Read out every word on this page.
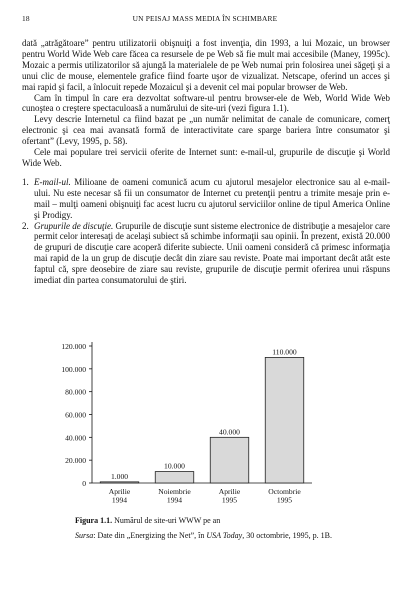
18	UN PEISAJ MASS MEDIA ÎN SCHIMBARE

dată „atrăgătoare” pentru utilizatorii obişnuiţi a fost invenţia, din 1993, a lui Mozaic, un browser pentru World Wide Web care făcea ca resursele de pe Web să fie mult mai accesibile (Maney, 1995c). Mozaic a permis utilizatorilor să ajungă la materialele de pe Web numai prin folosirea unei săgeţi şi a unui clic de mouse, elementele grafice fiind foarte uşor de vizualizat. Netscape, oferind un acces şi mai rapid şi facil, a înlocuit repede Mozaicul şi a devenit cel mai popular browser de Web.

Cam în timpul în care era dezvoltat software-ul pentru browser-ele de Web, World Wide Web cunoştea o creştere spectaculoasă a numărului de site-uri (vezi figura 1.1).

Levy descrie Internetul ca fiind bazat pe „un număr nelimitat de canale de comunicare, comerţ electronic şi cea mai avansată formă de interactivitate care sparge bariera între consumator şi ofertant” (Levy, 1995, p. 58).

Cele mai populare trei servicii oferite de Internet sunt: e-mail-ul, grupurile de discuţie şi World Wide Web.

1. E-mail-ul. Milioane de oameni comunică acum cu ajutorul mesajelor electronice sau al e-mail-ului. Nu este necesar să fii un consumator de Internet cu pretenţii pentru a trimite mesaje prin e-mail – mulţi oameni obişnuiţi fac acest lucru cu ajutorul serviciilor online de tipul America Online şi Prodigy.
2. Grupurile de discuţie. Grupurile de discuţie sunt sisteme electronice de distribuţie a mesajelor care permit celor interesaţi de acelaşi subiect să schimbe informaţii sau opinii. În prezent, există 20.000 de grupuri de discuţie care acoperă diferite subiecte. Unii oameni consideră că primesc informaţia mai rapid de la un grup de discuţie decât din ziare sau reviste. Poate mai important decât atât este faptul că, spre deosebire de ziare sau reviste, grupurile de discuţie permit oferirea unui răspuns imediat din partea consumatorului de ştiri.
0
20.000
40.000
60.000
80.000
100.000
120.000
1.000
Aprilie
1994
10.000
Noiembrie
1994
40.000
Aprilie
1995
110.000
Octombrie
1995
Figura 1.1. Numărul de site-uri WWW pe an
Sursa: Date din „Energizing the Net”, în USA Today, 30 octombrie, 1995, p. 1B.
